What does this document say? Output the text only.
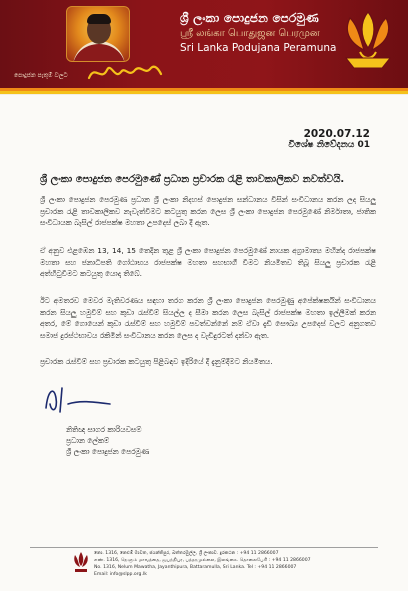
ශ්‍රී ලංකා පොදුජන පෙරමුණ
ஸ்ரீ லங்கா பொதுஜன பெரமுன
Sri Lanka Podujana Peramuna
පොදුජන පැතුම් වලට
2020.07.12
විශේෂ නිවේදනය 01
ශ්‍රී ලංකා පොදුජන පෙරමුණේ ප්‍රධාන ප්‍රචාරක රැළි තාවකාලිකව නවත්වයි.

ශ්‍රී ලංකා පොදුජන පෙරමුණ ප්‍රධාන ශ්‍රී ලංකා නිදහස් පොදුජන සන්ධානය විසින් සංවිධානය කරන ලද සියලු ප්‍රචාරක රැළි තාවකාලිකව නැවැත්වීමට කටයුතු කරන ලෙස ශ්‍රී ලංකා පොදුජන පෙරමුණේ නිර්මාතෘ, ජාතික සංවිධායක බැසිල් රාජපක්ෂ මහතා උපදෙස් ලබා දී ඇත.

ඒ අනුව එළඹෙන 13, 14, 15 තෙදින තුළ ශ්‍රී ලංකා පොදුජන පෙරමුණේ නායක අග්‍රාමාත්‍ය මහින්ද රාජපක්ෂ මහතා සහ ජනාධිපති ගෝඨාභය රාජපක්ෂ මහතා සහභාගී වීමට නියමිතව තිබූ සියලු ප්‍රචාරක රැළි අත්හිටුවීමට කටයුතු යොදා තිබේ.

ඊට අමතරව මෙවර මැතිවරණය සඳහා තරග කරන ශ්‍රී ලංකා පොදුජන පෙරමුණු අපේක්ෂකයින් සංවිධානය කරන සියලු හමුවීම් සහ කුඩා රැස්වීම් සියල්ල ද සීමා කරන ලෙස බැසිල් රාජපක්ෂ මහතා ඉල්ලීමක් කරන අතර, මේ ගොයෙන් කුඩා රැස්වීම් සහ හමුවීම් පවත්වන්නේ නම් ඒවා දැඩි සෞඛ්‍ය උපදෙස් වලට අනුගතව සමාජ දුරස්ථභාවය රකිමින් සංවිධානය කරන ලෙස ද වැඩිදුරටත් දන්වා ඇත.

ප්‍රචාරක රැස්වීම් සහ ප්‍රචාරක කටයුතු පිළිබඳව ඉදිරියේ දී දැනුම්දීමට නියමිතය.

නිතිඥ සාගර කාරියවසම්
ප්‍රධාන ලේකම්
ශ්‍රී ලංකා පොදුජන පෙරමුණ
නො. 1316, නෙළුම් මාවත, ජයන්තිපුර, බත්තරමුල්ල, ශ්‍රී ලංකාව. දුරකථන : +94 11 2866007
எண். 1316, நெளும் மாவத்தை, ஜயந்திபுர, பத்தரமுல்லை, இலங்கை. தொலைபேசி : +94 11 2866007
No. 1316, Nelum Mawatha, Jayanthipura, Battaramulla, Sri Lanka. Tel : +94 11 2866007
Email: info@slpp.org.lk
